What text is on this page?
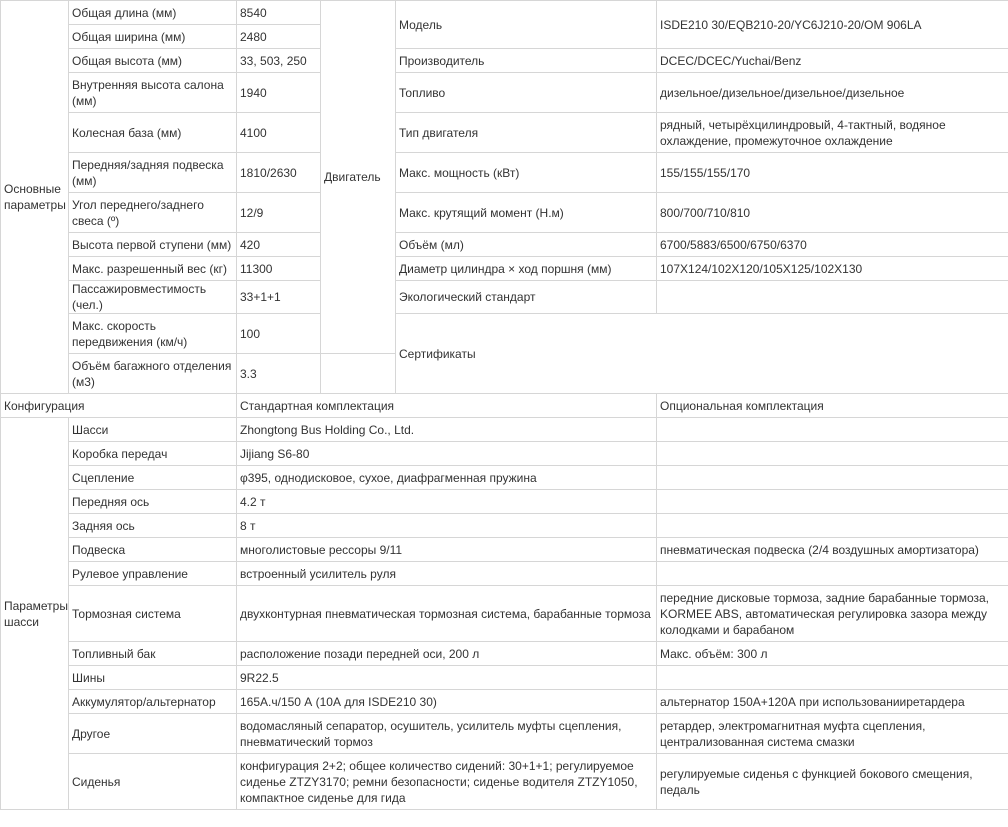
Основные параметры	Общая длина (мм)	8540	Двигатель	Модель	ISDE210 30/EQB210-20/YC6J210-20/OM 906LA	
	Общая ширина (мм)	2480				
	Общая высота (мм)	33, 503, 250		Производитель	DCEC/DCEC/Yuchai/Benz	
	Внутренняя высота салона (мм)	1940		Топливо	дизельное/дизельное/дизельное/дизельное	
	Колесная база (мм)	4100		Тип двигателя	рядный, четырёхцилиндровый, 4-тактный, водяное охлаждение, промежуточное охлаждение	
	Передняя/задняя подвеска (мм)	1810/2630		Макс. мощность (кВт)	155/155/155/170	
	Угол переднего/заднего свеса (º)	12/9		Макс. крутящий момент (Н.м)	800/700/710/810	
	Высота первой ступени (мм)	420		Объём (мл)	6700/5883/6500/6750/6370	
	Макс. разрешенный вес (кг)	11300		Диаметр цилиндра × ход поршня (мм)	107X124/102X120/105X125/102X130	
	Пассажировместимость (чел.)	33+1+1		Экологический стандарт		
	Макс. скорость передвижения (км/ч)	100		Сертификаты		
	Объём багажного отделения (м3)	3.3				
Конфигурация		Стандартная комплектация			Опциональная комплектация	
Параметры шасси	Шасси	Zhongtong Bus Holding Co., Ltd.				
	Коробка передач	Jijiang S6-80				
	Сцепление	φ395, однодисковое, сухое, диафрагменная пружина				
	Передняя ось	4.2 т				
	Задняя ось	8 т				
	Подвеска	многолистовые рессоры 9/11			пневматическая подвеска (2/4 воздушных амортизатора)	
	Рулевое управление	встроенный усилитель руля				
	Тормозная система	двухконтурная пневматическая тормозная система, барабанные тормоза			передние дисковые тормоза, задние барабанные тормоза, KORMEE ABS, автоматическая регулировка зазора между колодками и барабаном	
	Топливный бак	расположение позади передней оси, 200 л			Макс. объём: 300 л	
	Шины	9R22.5				
	Аккумулятор/альтернатор	165А.ч/150 А (10А для ISDE210 30)			альтернатор 150А+120А при использованииретардера	
	Другое	водомасляный сепаратор, осушитель, усилитель муфты сцепления, пневматический тормоз			ретардер, электромагнитная муфта сцепления, централизованная система смазки	
	Сиденья	конфигурация 2+2; общее количество сидений: 30+1+1; регулируемое сиденье ZTZY3170; ремни безопасности; сиденье водителя ZTZY1050, компактное сиденье для гида			регулируемые сиденья с функцией бокового смещения, педаль	
